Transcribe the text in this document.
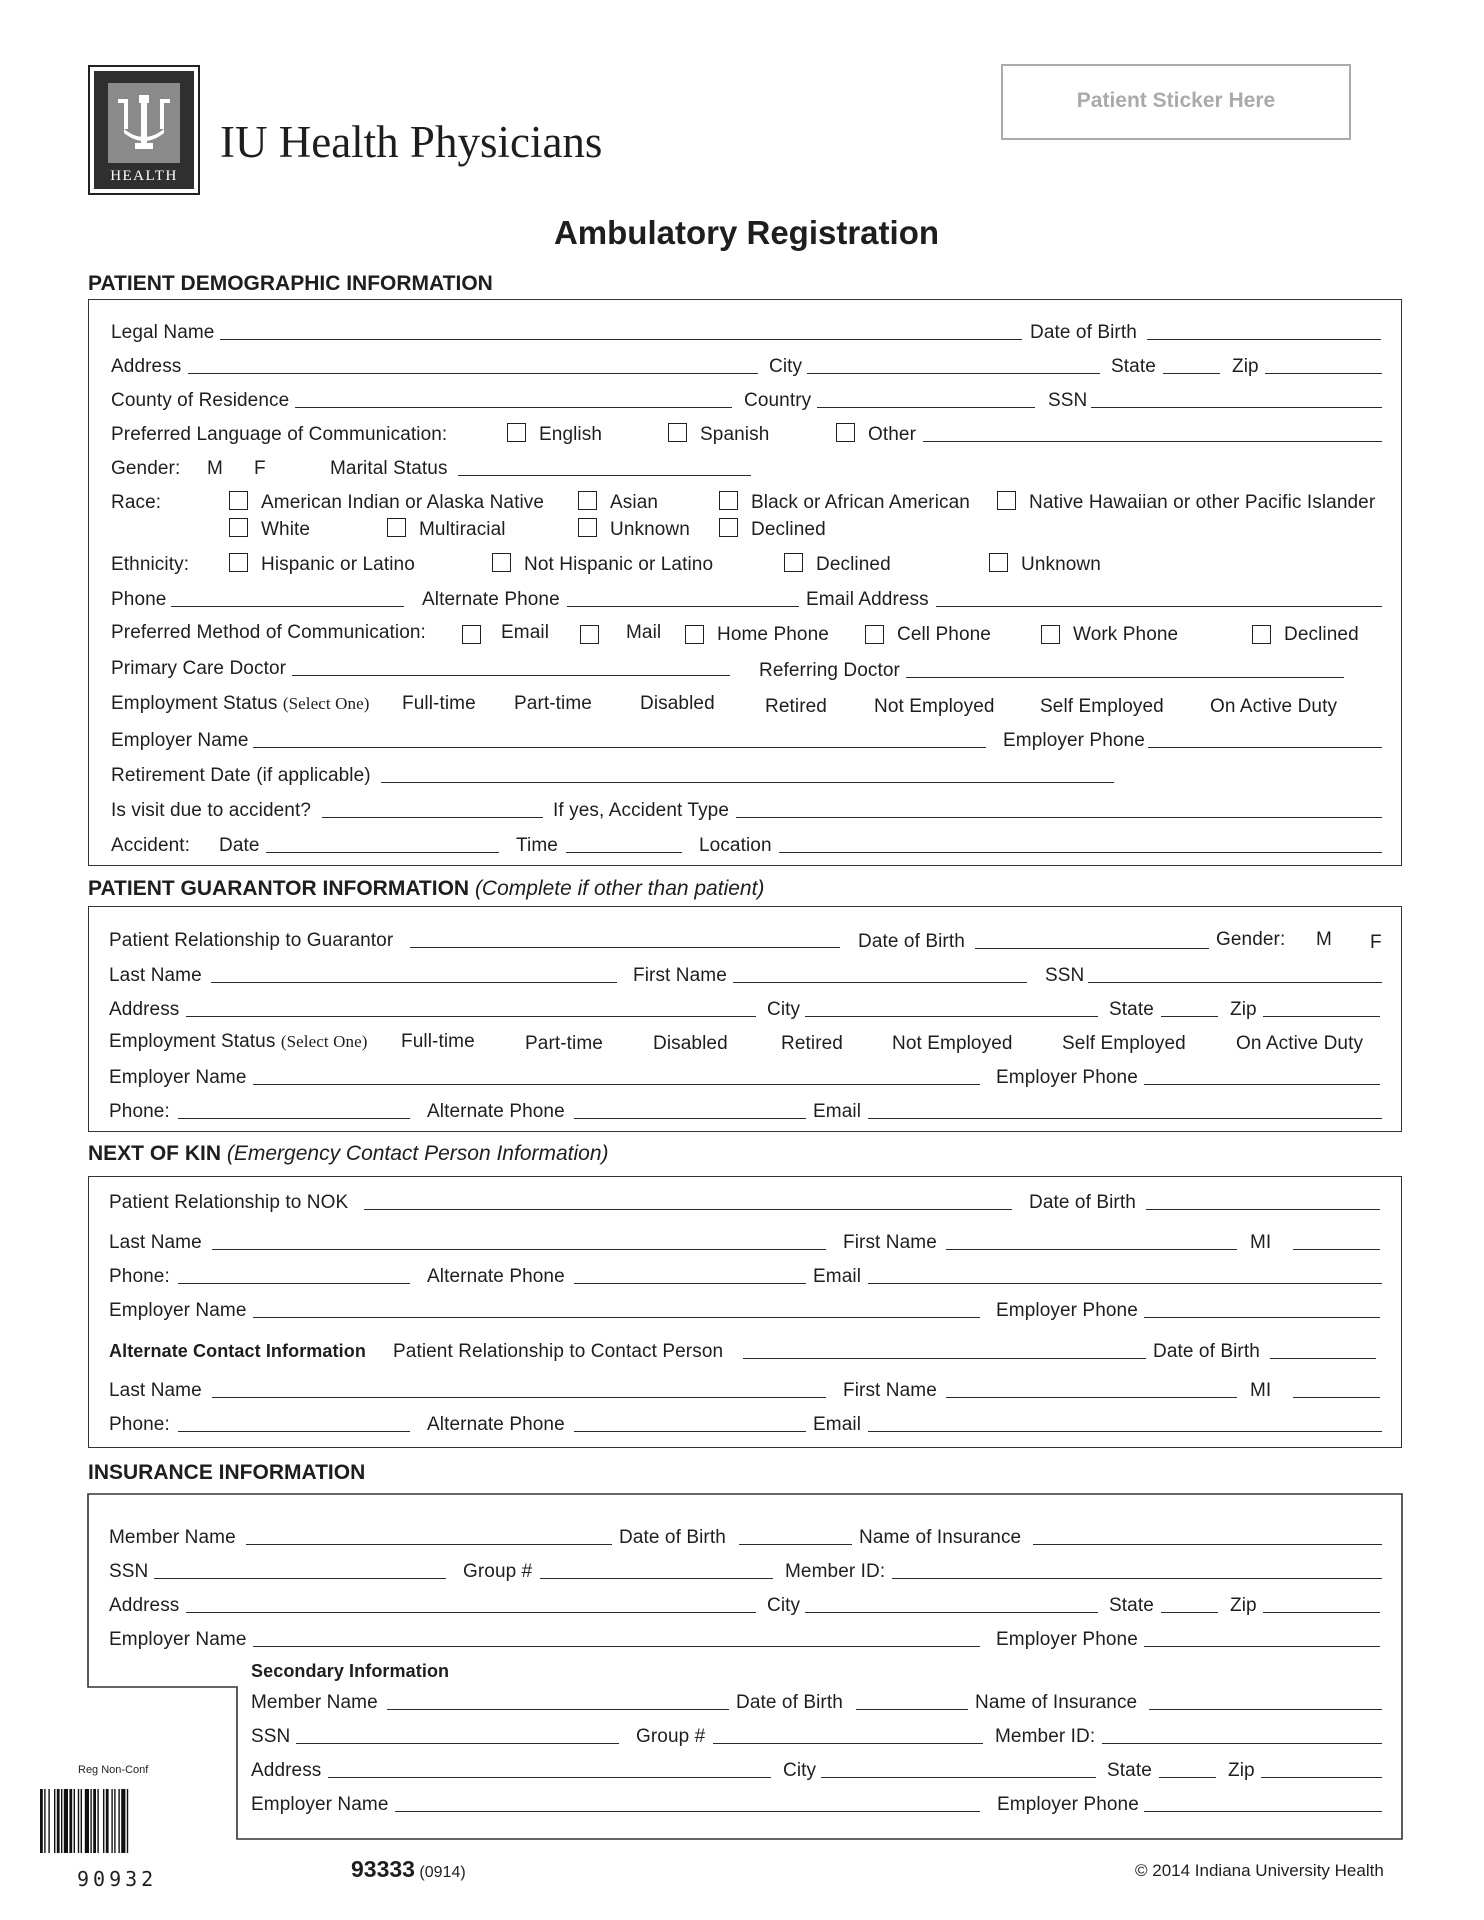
HEALTH
IU Health Physicians
Patient Sticker Here
Ambulatory Registration
PATIENT DEMOGRAPHIC INFORMATION
Legal Name	Date of Birth
Address	City	State	Zip
County of Residence	Country	SSN
Preferred Language of Communication:	English	Spanish	Other
Gender: M F	Marital Status
Race:	American Indian or Alaska Native	Asian	Black or African American	Native Hawaiian or other Pacific Islander
White	Multiracial	Unknown	Declined
Ethnicity:	Hispanic or Latino	Not Hispanic or Latino	Declined	Unknown
Phone	Alternate Phone	Email Address
Preferred Method of Communication:	Email	Mail	Home Phone	Cell Phone	Work Phone	Declined
Primary Care Doctor	Referring Doctor
Employment Status (Select One) Full-time Part-time	Disabled	Retired Not Employed Self Employed On Active Duty
Employer Name	Employer Phone
Retirement Date (if applicable)
Is visit due to accident?	If yes, Accident Type
Accident: Date	Time	Location
PATIENT GUARANTOR INFORMATION (Complete if other than patient)
Patient Relationship to Guarantor	Date of Birth	Gender: M F
Last Name	First Name	SSN
Address	City	State	Zip
Employment Status (Select One) Full-time	Part-time	Disabled	Retired	Not Employed	Self Employed	On Active Duty
Employer Name	Employer Phone
Phone:	Alternate Phone	Email
NEXT OF KIN (Emergency Contact Person Information)
Patient Relationship to NOK	Date of Birth
Last Name	First Name	MI
Phone:	Alternate Phone	Email
Employer Name	Employer Phone
Alternate Contact Information Patient Relationship to Contact Person	Date of Birth
Last Name	First Name	MI
Phone:	Alternate Phone	Email
INSURANCE INFORMATION
Member Name	Date of Birth	Name of Insurance
SSN	Group #	Member ID:
Address	City	State	Zip
Employer Name	Employer Phone
Secondary Information
Member Name	Date of Birth	Name of Insurance
SSN	Group #	Member ID:
Address	City	State	Zip
Employer Name	Employer Phone
Reg Non-Conf
90932	93333 (0914)	© 2014 Indiana University Health
